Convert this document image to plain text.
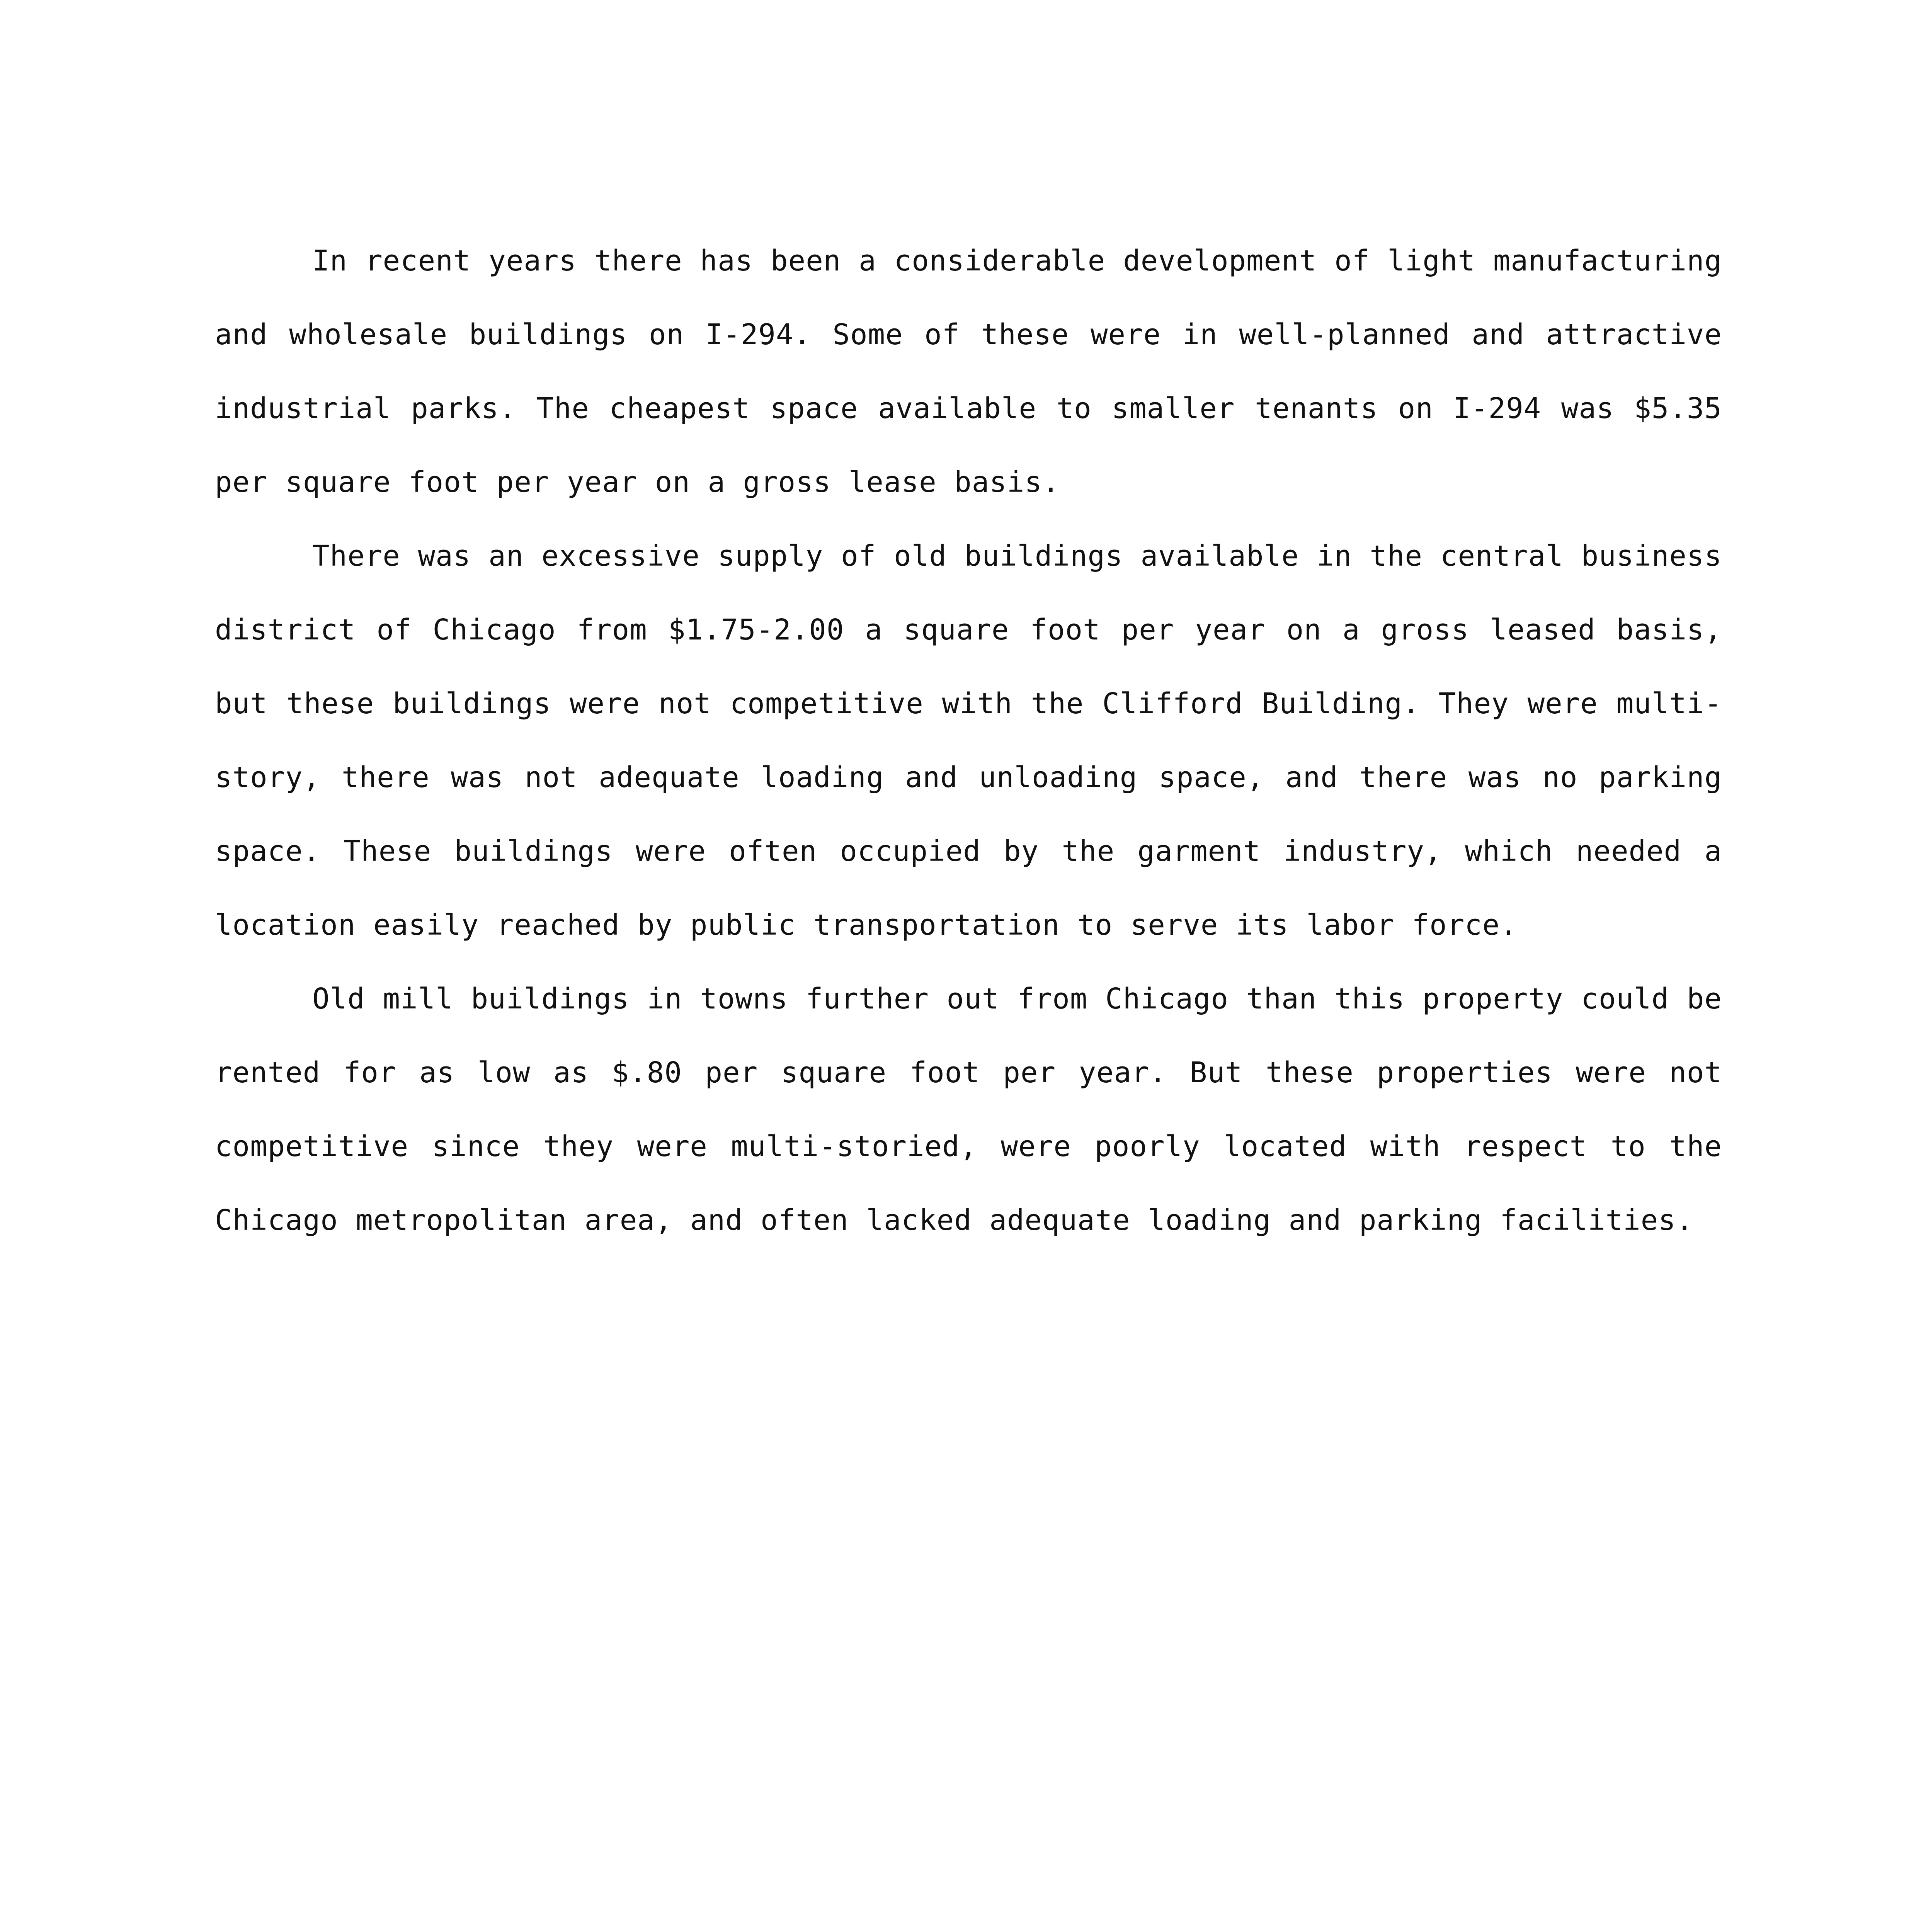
In recent years there has been a considerable development of light manufacturing and wholesale buildings on I-294. Some of these were in well-planned and attractive industrial parks. The cheapest space available to smaller tenants on I-294 was $5.35 per square foot per year on a gross lease basis.

There was an excessive supply of old buildings available in the central business district of Chicago from $1.75-2.00 a square foot per year on a gross leased basis, but these buildings were not competitive with the Clifford Building. They were multi-story, there was not adequate loading and unloading space, and there was no parking space. These buildings were often occupied by the garment industry, which needed a location easily reached by public transportation to serve its labor force.

Old mill buildings in towns further out from Chicago than this property could be rented for as low as $.80 per square foot per year. But these properties were not competitive since they were multi-storied, were poorly located with respect to the Chicago metropolitan area, and often lacked adequate loading and parking facilities.
